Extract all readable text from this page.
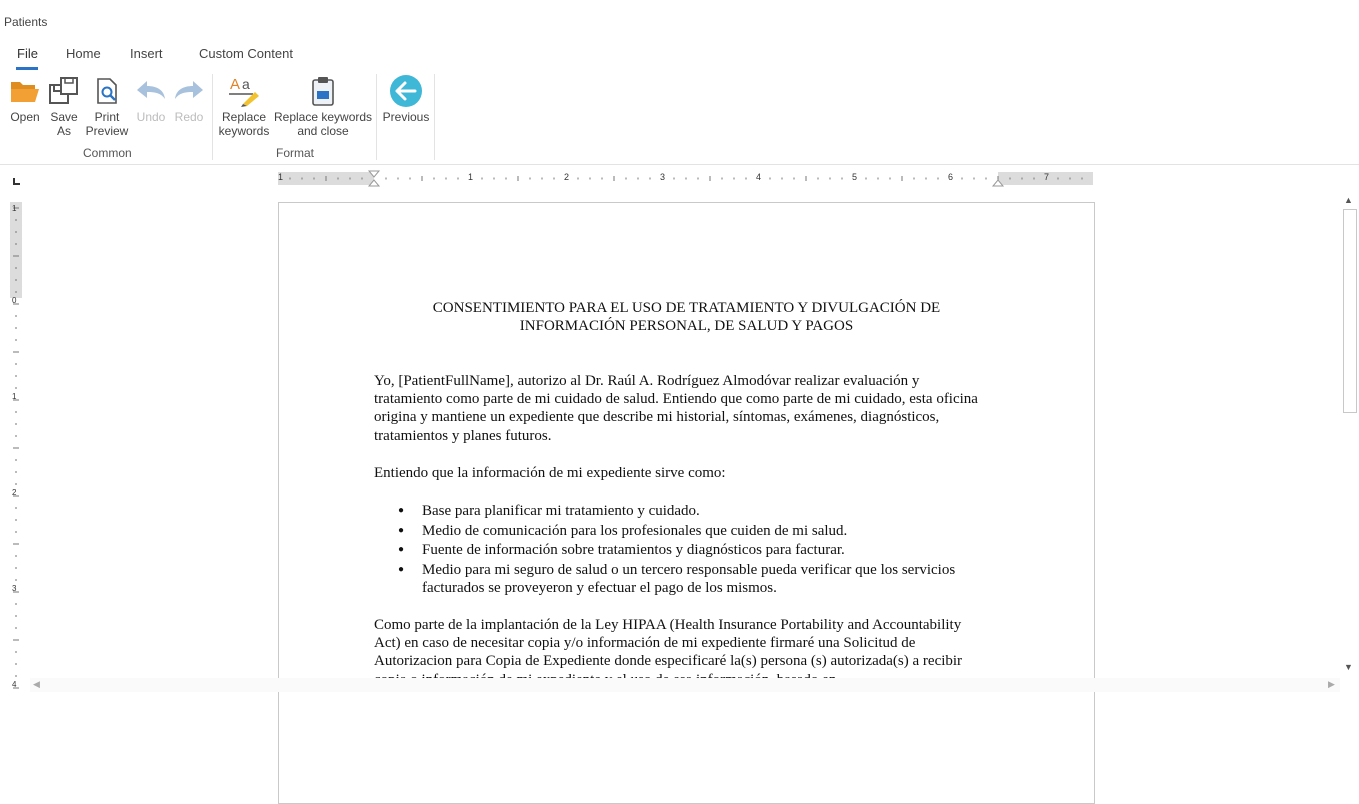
Patients
File Home Insert	Custom Content
Open Save
As
Print
Preview
Undo Redo
Common
A a
Replace
keywords
Replace keywords
and close
Format
Previous
1	1	2	3	4	5	6	7
1
0
1
2
3
4
CONSENTIMIENTO PARA EL USO DE TRATAMIENTO Y DIVULGACIÓN DE
INFORMACIÓN PERSONAL, DE SALUD Y PAGOS
Yo, [PatientFullName], autorizo al Dr. Raúl A. Rodríguez Almodóvar realizar evaluación y tratamiento como parte de mi cuidado de salud. Entiendo que como parte de mi cuidado, esta oficina origina y mantiene un expediente que describe mi historial, síntomas, exámenes, diagnósticos, tratamientos y planes futuros.
Entiendo que la información de mi expediente sirve como:
● Base para planificar mi tratamiento y cuidado.
● Medio de comunicación para los profesionales que cuiden de mi salud.
● Fuente de información sobre tratamientos y diagnósticos para facturar.
● Medio para mi seguro de salud o un tercero responsable pueda verificar que los servicios facturados se proveyeron y efectuar el pago de los mismos.
Como parte de la implantación de la Ley HIPAA (Health Insurance Portability and Accountability Act) en caso de necesitar copia y/o información de mi expediente firmaré una Solicitud de Autorizacion para Copia de Expediente donde especificaré la(s) persona (s) autorizada(s) a recibir
▲
▼
◀	▶
